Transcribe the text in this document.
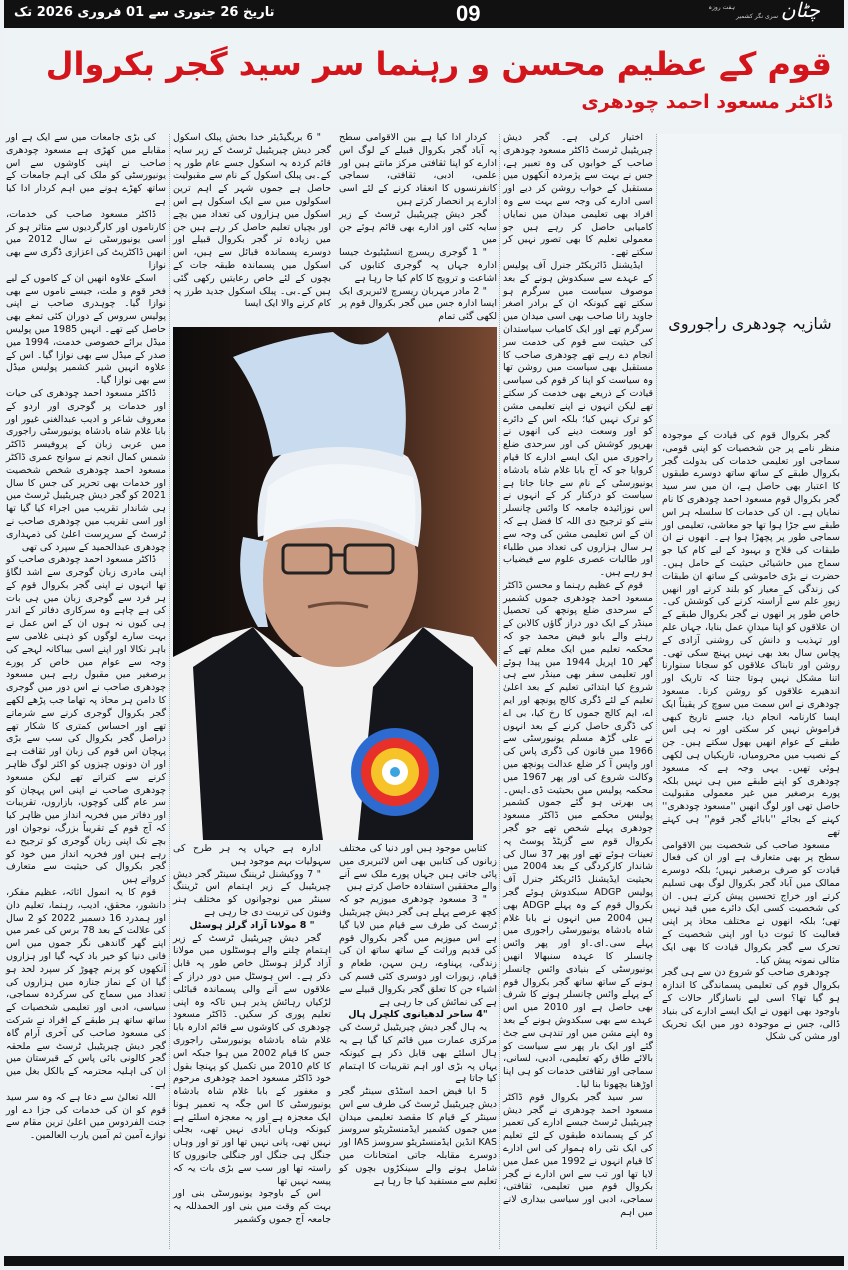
تاریخ 26 جنوری سے 01 فروری 2026 تک	09	چٹان
ہفت روزہ
سری نگر کشمیر
قوم کے عظیم محسن و رہنما سر سید گجر بکروال
ڈاکٹر مسعود احمد چودھری

کی بڑی جامعات میں سے ایک ہے اور مقابلے میں کھڑی ہے مسعود چودھری صاحب نے اپنی کاوشوں سے اس یونیورسٹی کو ملک کی اہم جامعات کے ساتھ کھڑے ہونے میں اہم کردار ادا کیا ہے

ڈاکٹر مسعود صاحب کی خدمات، کارناموں اور کارگردیوں سے متاثر ہو کر اسی یونیورسٹی نے سال 2012 میں انھیں ڈاکٹریٹ کی اعزازی ڈگری سے بھی نوازا

اسکے علاوہ انھیں ان کے کاموں کے لیے فخر قوم و ملت، جیسے ناموں سے بھی نوازا گیا۔ چوہدری صاحب نے اپنی پولیس سروس کے دوران کئی تمغے بھی حاصل کیے تھے۔ انہیں 1985 میں پولیس میڈل برائے خصوصی خدمت، 1994 میں صدر کے میڈل سے بھی نوازا گیا۔ اس کے علاوہ انہیں شیر کشمیر پولیس میڈل سے بھی نوازا گیا۔

ڈاکٹر مسعود احمد چودھری کی حیات اور خدمات پر گوجری اور اردو کے معروف شاعر و ادیب عبدالغنی غیور اور بابا غلام شاہ بادشاہ یونیورسٹی راجوری میں عربی زبان کے پروفیسر ڈاکٹر شمس کمال انجم نے سوانح عمری ڈاکٹر مسعود احمد چودھری شخص شخصیت اور خدمات بھی تحریر کی جس کا سال 2021 کو گجر دیش چیریٹیبل ٹرسٹ میں ہی شاندار تقریب میں اجراء کیا گیا تھا اور اسی تقریب میں چودھری صاحب نے ٹرسٹ کے سرپرست اعلیٰ کی ذمہداری چودھری عبدالحمید کے سپرد کی تھی

ڈاکٹر مسعود احمد چودھری صاحب کو اپنی مادری زبان گوجری سے اشد لگاؤ تھا انہوں نے اپنی گجر بکروال قوم کے ہر فرد سے گوجری زبان میں ہی بات کی ہے چاہے وہ سرکاری دفاتر کے اندر ہی کیوں نہ ہوں ان کے اس عمل نے بہت سارے لوگوں کو ذہنی غلامی سے باہر نکالا اور اپنے اسی بیباکانہ لہجے کی وجہ سے عوام میں خاص کر پورے برصغیر میں مقبول رہے ہیں مسعود چودھری صاحب نے اس دور میں گوجری کا دامن ہر محاذ پہ تھاما جب پڑھے لکھے گجر بکروال گوجری کرنے سے شرماتے تھے اور احساس کمتری کا شکار تھے دراصل گجر بکروال کی سب سے بڑی پہچان اس قوم کی زبان اور ثقافت ہے اور ان دونوں چیزوں کو اکثر لوگ ظاہر کرنے سے کتراتے تھے لیکن مسعود چودھری صاحب نے اپنی اس پہچان کو سر عام گلی کوچوں، بازاروں، تقریبات اور دفاتر میں فخریہ انداز میں ظاہر کیا کہ آج قوم کے تقریباً بزرگ، نوجوان اور بچے تک اپنی زبان گوجری کو ترجیح دے رہے ہیں اور فخریہ انداز میں خود کو گجر بکروال کی حیثیت سے متعارف کرواتے ہیں

قوم کا یہ انمول اثاثہ، عظیم مفکر، دانشور، محقق، ادیب، رہنما، تعلیم دان اور ہمدرد 16 دسمبر 2022 کو 2 سال کی علالت کے بعد 78 برس کی عمر میں اپنے گھر گاندھی نگر جموں میں اس فانی دنیا کو خیر باد کہہ گیا اور ہزاروں آنکھوں کو پرنم چھوڑ کر سپرد لحد ہو گیا ان کے نماز جنازہ میں ہزاروں کی تعداد میں سماج کی سرکردہ سماجی، سیاسی، ادبی اور تعلیمی شخصیات کے ساتھ ساتھ ہر طبقے کے افراد نے شرکت کی مسعود صاحب کی آخری آرام گاہ گجر دیش چیریٹیبل ٹرسٹ سے ملحقہ گجر کالونی بائی پاس کے قبرستان میں ان کی اہلیہ محترمہ کے بالکل بغل میں ہے۔

اللہ تعالیٰ سے دعا ہے کہ وہ سر سید قوم کو ان کی خدمات کی جزا دے اور جنت الفردوس میں اعلیٰ ترین مقام سے نوازے آمین ثم آمین یارب العالمین۔

" 6 بریگیڈیئر خدا بخش پبلک اسکول گجر دیش چیریٹیبل ٹرسٹ کے زیر سایہ قائم کردہ یہ اسکول جسے عام طور پہ کے۔بی پبلک اسکول کے نام سے مقبولیت حاصل ہے جموں شہر کے اہم ترین اسکولوں میں سے ایک اسکول ہے اس اسکول میں ہزاروں کی تعداد میں بچے اور بچیاں تعلیم حاصل کر رہے ہیں جن میں زیادہ تر گجر بکروال قبیلے اور دوسرے پسماندہ قبائل سے ہیں، اس اسکول میں پسماندہ طبقہ جات کے بچوں کے لئے خاص رعایتیں رکھی گئی ہیں کے۔بی۔ پبلک اسکول جدید طرز پہ کام کرنے والا ایک ایسا

کردار ادا کیا ہے بین الاقوامی سطح پہ آباد گجر بکروال قبیلے کے لوگ اس ادارے کو اپنا ثقافتی مرکز مانتے ہیں اور علمی، ادبی، ثقافتی، سماجی کانفرنسوں کا انعقاد کرنے کے لئے اسی ادارے پر انحصار کرتے ہیں

گجر دیش چیریٹیبل ٹرسٹ کے زیر سایہ کئی اور ادارے بھی قائم ہوئے جن میں

" 1 گوجری ریسرچ انسٹیٹیوٹ جیسا ادارہ جہاں پہ گوجری کتابوں کی اشاعت و ترویج کا کام کیا جا رہا ہے

" 2 مادر مہربان ریسرچ لائبریری ایک ایسا ادارہ جس میں گجر بکروال قوم پر لکھی گئی تمام

ادارہ ہے جہاں پہ ہر طرح کی سہولیات بہم موجود ہیں

" 7 ووکیشنل ٹریننگ سینٹر گجر دیش چیریٹیبل کے زیر اہتمام اس ٹریننگ سینٹر میں نوجوانوں کو مختلف ہنر وفنون کی تربیت دی جا رہی ہے

" 8 مولانا آزاد گرلز ہوسٹل

گجر دیش چیریٹیبل ٹرسٹ کے زیر اہتمام چلنے والے ہوسٹلوں میں مولانا آزاد گرلز ہوسٹل خاص طور پہ قابل ذکر ہے۔ اس ہوسٹل میں دور دراز کے علاقوں سے آنے والی پسماندہ قبائلی لڑکیاں رہائش پذیر ہیں تاکہ وہ اپنی تعلیم پوری کر سکیں۔ ڈاکٹر مسعود چودھری کی کاوشوں سے قائم ادارہ بابا غلام شاہ بادشاہ یونیورسٹی راجوری جس کا قیام 2002 میں ہوا جبکہ اس کا کام 2010 میں تکمیل کو پہنچا بقول خود ڈاکٹر مسعود احمد چودھری مرحوم و مغفور کے بابا غلام شاہ بادشاہ یونیورسٹی کا اس جگہ پہ تعمیر ہونا ایک معجزہ ہے اور یہ معجزہ اسلئے ہے کیونکہ وہاں آبادی نہیں تھی، بجلی نہیں تھی، پانی نہیں تھا اور تو اور وہاں جنگل ہی جنگل اور جنگلی جانوروں کا راستہ تھا اور سب سے بڑی بات یہ کہ پیسہ نہیں تھا

اس کے باوجود یونیورسٹی بنی اور بہت کم وقت میں بنی اور الحمدللہ یہ جامعہ آج جموں وکشمیر

کتابیں موجود ہیں اور دنیا کی مختلف زبانوں کی کتابیں بھی اس لائبریری میں پائی جاتی ہیں جہاں پورے ملک سے آنے والے محققین استفادہ حاصل کرتے ہیں

" 3 مسعود چودھری میوزیم جو کہ کچھ عرصے پہلے ہی گجر دیش چیریٹیبل ٹرسٹ کی طرف سے قیام میں لایا گیا ہے اس میوزیم میں گجر بکروال قوم کی قدیم وراثت کے ساتھ ساتھ ان کی زندگی، پہناوے، رہن سہن، طعام و قیام، زیورات اور دوسری کئی قسم کی اشیاء جن کا تعلق گجر بکروال قبیلے سے ہے کی نمائش کی جا رہی ہے

"4 ساحر لدھیانوی کلچرل ہال

یہ ہال گجر دیش چیریٹیبل ٹرسٹ کی مرکزی عمارت میں قائم کیا گیا ہے یہ ہال اسلئے بھی قابل ذکر ہے کیونکہ یہاں پہ بڑی اور اہم تقریبات کا اہتمام کیا جاتا ہے

5 ابا فیض احمد اسٹڈی سینٹر گجر دیش چیریٹیبل ٹرسٹ کی طرف سے اس سینٹر کے قیام کا مقصد تعلیمی میدان میں جموں کشمیر ایڈمنسٹریٹو سروسز KAS انڈین ایڈمنسٹریٹو سروسز IAS اور دوسرے مقابلہ جاتی امتحانات میں شامل ہونے والے سینکڑوں بچوں کو تعلیم سے مستفید کیا جا رہا ہے

اختیار کرلی ہے۔ گجر دیش چیریٹیبل ٹرسٹ ڈاکٹر مسعود چودھری صاحب کے خوابوں کی وہ تعبیر ہے، جس نے بہت سے پژمردہ آنکھوں میں مستقبل کے خواب روشن کر دیے اور اسی ادارے کی وجہ سے بہت سے وہ افراد بھی تعلیمی میدان میں نمایاں کامیابی حاصل کر رہے ہیں جو معمولی تعلیم کا بھی تصور نہیں کر سکتے تھے۔

ایڈیشنل ڈائریکٹر جنرل آف پولیس کے عہدے سے سبکدوش ہونے کے بعد موصوف سیاست میں سرگرم ہو سکتے تھے کیونکہ ان کے برادر اصغر جاوید رانا صاحب بھی اسی میدان میں سرگرم تھے اور ایک کامیاب سیاستدان کی حیثیت سے قوم کی خدمت سر انجام دے رہے تھے چودھری صاحب کا مستقبل بھی سیاست میں روشن تھا وہ سیاست کو اپنا کر قوم کی سیاسی قیادت کے ذریعے بھی خدمت کر سکتے تھے لیکن انہوں نے اپنے تعلیمی مشن کو ترک نہیں کیا؛ بلکہ اس کے دائرے کو اور وسعت دینے کی انھوں نے بھرپور کوشش کی اور سرحدی ضلع راجوری میں ایک ایسے ادارے کا قیام کروایا جو کہ آج بابا غلام شاہ بادشاہ یونیورسٹی کے نام سے جانا جاتا ہے سیاست کو درکنار کر کے انہوں نے اس نوزائیدہ جامعہ کا وائس چانسلر بننے کو ترجیح دی اللہ کا فضل ہے کہ ان کے اس تعلیمی مشن کی وجہ سے ہر سال ہزاروں کی تعداد میں طلباء اور طالبات عصری علوم سے فیضیاب ہو رہے ہیں۔

قوم کے عظیم رہنما و محسن ڈاکٹر مسعود احمد چودھری جموں کشمیر کے سرحدی ضلع پونچھ کی تحصیل مینڈر کے ایک دور دراز گاؤں کالابن کے رہنے والے بابو فیض محمد جو کہ محکمہ تعلیم میں ایک معلم تھے کے گھر 10 اپریل 1944 میں پیدا ہوئے اور تعلیمی سفر بھی مینڈر سے ہی شروع کیا ابتدائی تعلیم کے بعد اعلیٰ تعلیم کے لئے ڈگری کالج پونچھ اور ایم اے، ایم کالج جموں کا رخ کیا، بی اے کی ڈگری حاصل کرنے کے بعد انہوں نے علی گڑھ مسلم یونیورسٹی سے 1966 میں قانون کی ڈگری پاس کی اور واپس آ کر ضلع عدالت پونچھ میں وکالت شروع کی اور پھر 1967 میں محکمہ پولیس میں بحیثیت ڈی۔ایس۔پی بھرتی ہو گئے جموں کشمیر پولیس محکمے میں ڈاکٹر مسعود چودھری پہلے شخص تھے جو گجر بکروال قوم سے گزیٹڈ پوسٹ پہ تعینات ہوئے تھے اور پھر 37 سال کی شاندار کارکردگی کے بعد 2004 میں بحیثیت ایڈیشنل ڈائریکٹر جنرل آف پولیس ADGP سبکدوش ہوئے گجر بکروال قوم کے وہ پہلے ADGP بھی ہیں 2004 میں انہوں نے بابا غلام شاہ بادشاہ یونیورسٹی راجوری میں پہلے سی۔ای۔او اور پھر وائس چانسلر کا عہدہ سنبھالا انھیں یونیورسٹی کے بنیادی وائس چانسلر ہونے کے ساتھ ساتھ گجر بکروال قوم کے پہلے وائس چانسلر ہونے کا شرف بھی حاصل ہے اور 2010 میں اس عہدے سے بھی سبکدوش ہونے کے بعد وہ اپنے مشن میں اور تندہی سے جٹ گئے اور ایک بار پھر سے سیاست کو بالائے طاق رکھ تعلیمی، ادبی، لسانی، سماجی اور ثقافتی خدمات کو ہی اپنا اوڑھنا بچھونا بنا لیا۔

سر سید گجر بکروال قوم ڈاکٹر مسعود احمد چودھری نے گجر دیش چیریٹیبل ٹرسٹ جیسے ادارے کی تعمیر کر کے پسماندہ طبقوں کے لئے تعلیم کی ایک نئی راہ ہموار کی اس ادارے کا قیام انہوں نے 1992 میں عمل میں لایا تھا اور تب سے اس ادارے نے گجر بکروال قوم میں تعلیمی، ثقافتی، سماجی، ادبی اور سیاسی بیداری لانے میں اہم

شازیہ چودھری راجوروی

گجر بکروال قوم کی قیادت کے موجودہ منظر نامے پر جن شخصیات کو اپنی قومی، سماجی اور تعلیمی خدمات کی بدولت گجر بکروال طبقے کے ساتھ ساتھ دوسرے طبقوں کا اعتبار بھی حاصل ہے، ان میں سر سید گجر بکروال قوم مسعود احمد چودھری کا نام نمایاں ہے۔ ان کی خدمات کا سلسلہ ہر اس طبقے سے جڑا ہوا تھا جو معاشی، تعلیمی اور سماجی طور پر پچھڑا ہوا ہے۔ انھوں نے ان طبقات کی فلاح و بہبود کے لیے کام کیا جو سماج میں حاشیائی حیثیت کے حامل ہیں۔ حضرت نے بڑی خاموشی کے ساتھ ان طبقات کی زندگی کے معیار کو بلند کرنے اور انھیں زیورِ علم سے آراستہ کرنے کی کوشش کی۔ خاص طور پر انھوں نے گجر بکروال طبقے کے ان علاقوں کو اپنا میدانِ عمل بنایا، جہاں علم اور تہذیب و دانش کی روشنی آزادی کے پچاس سال بعد بھی نہیں پہنچ سکی تھی۔ روشن اور تابناک علاقوں کو سجانا سنوارنا اتنا مشکل نہیں ہوتا جتنا کہ تاریک اور اندھیرے علاقوں کو روشن کرنا۔ مسعود چودھری نے اس سمت میں سوچ کر یقیناً ایک ایسا کارنامہ انجام دیا، جسے تاریخ کبھی فراموش نہیں کر سکتی اور نہ ہی اس طبقے کے عوام انھیں بھول سکتے ہیں۔ جن کے نصیب میں محرومیاں، تاریکیاں ہی لکھی ہوئی تھیں۔ یہی وجہ ہے کہ مسعود چودھری کو اپنے طبقے میں ہی نہیں بلکہ پورے برصغیر میں غیر معمولی مقبولیت حاصل تھی اور لوگ انھیں ''مسعود چودھری'' کہنے کے بجائے ''بابائے گجر قوم'' ہی کہتے تھے

مسعود صاحب کی شخصیت بین الاقوامی سطح پر بھی متعارف ہے اور ان کی فعال قیادت کو صرف برصغیر نہیں؛ بلکہ دوسرے ممالک میں آباد گجر بکروال لوگ بھی تسلیم کرتے اور خراج تحسین پیش کرتے ہیں۔ ان کی شخصیت کسی ایک دائرے میں قید نہیں تھی؛ بلکہ انھوں نے مختلف محاذ پر اپنی فعالیت کا ثبوت دیا اور اپنی شخصیت کے تحرک سے گجر بکروال قیادت کا بھی ایک مثالی نمونہ پیش کیا۔

چودھری صاحب کو شروع دن سے ہی گجر بکروال قوم کی تعلیمی پسماندگی کا اندازہ ہو گیا تھا؟ اسی لیے ناسازگار حالات کے باوجود بھی انھوں نے ایک ایسے ادارے کی بنیاد ڈالی، جس نے موجودہ دور میں ایک تحریک اور مشن کی شکل
